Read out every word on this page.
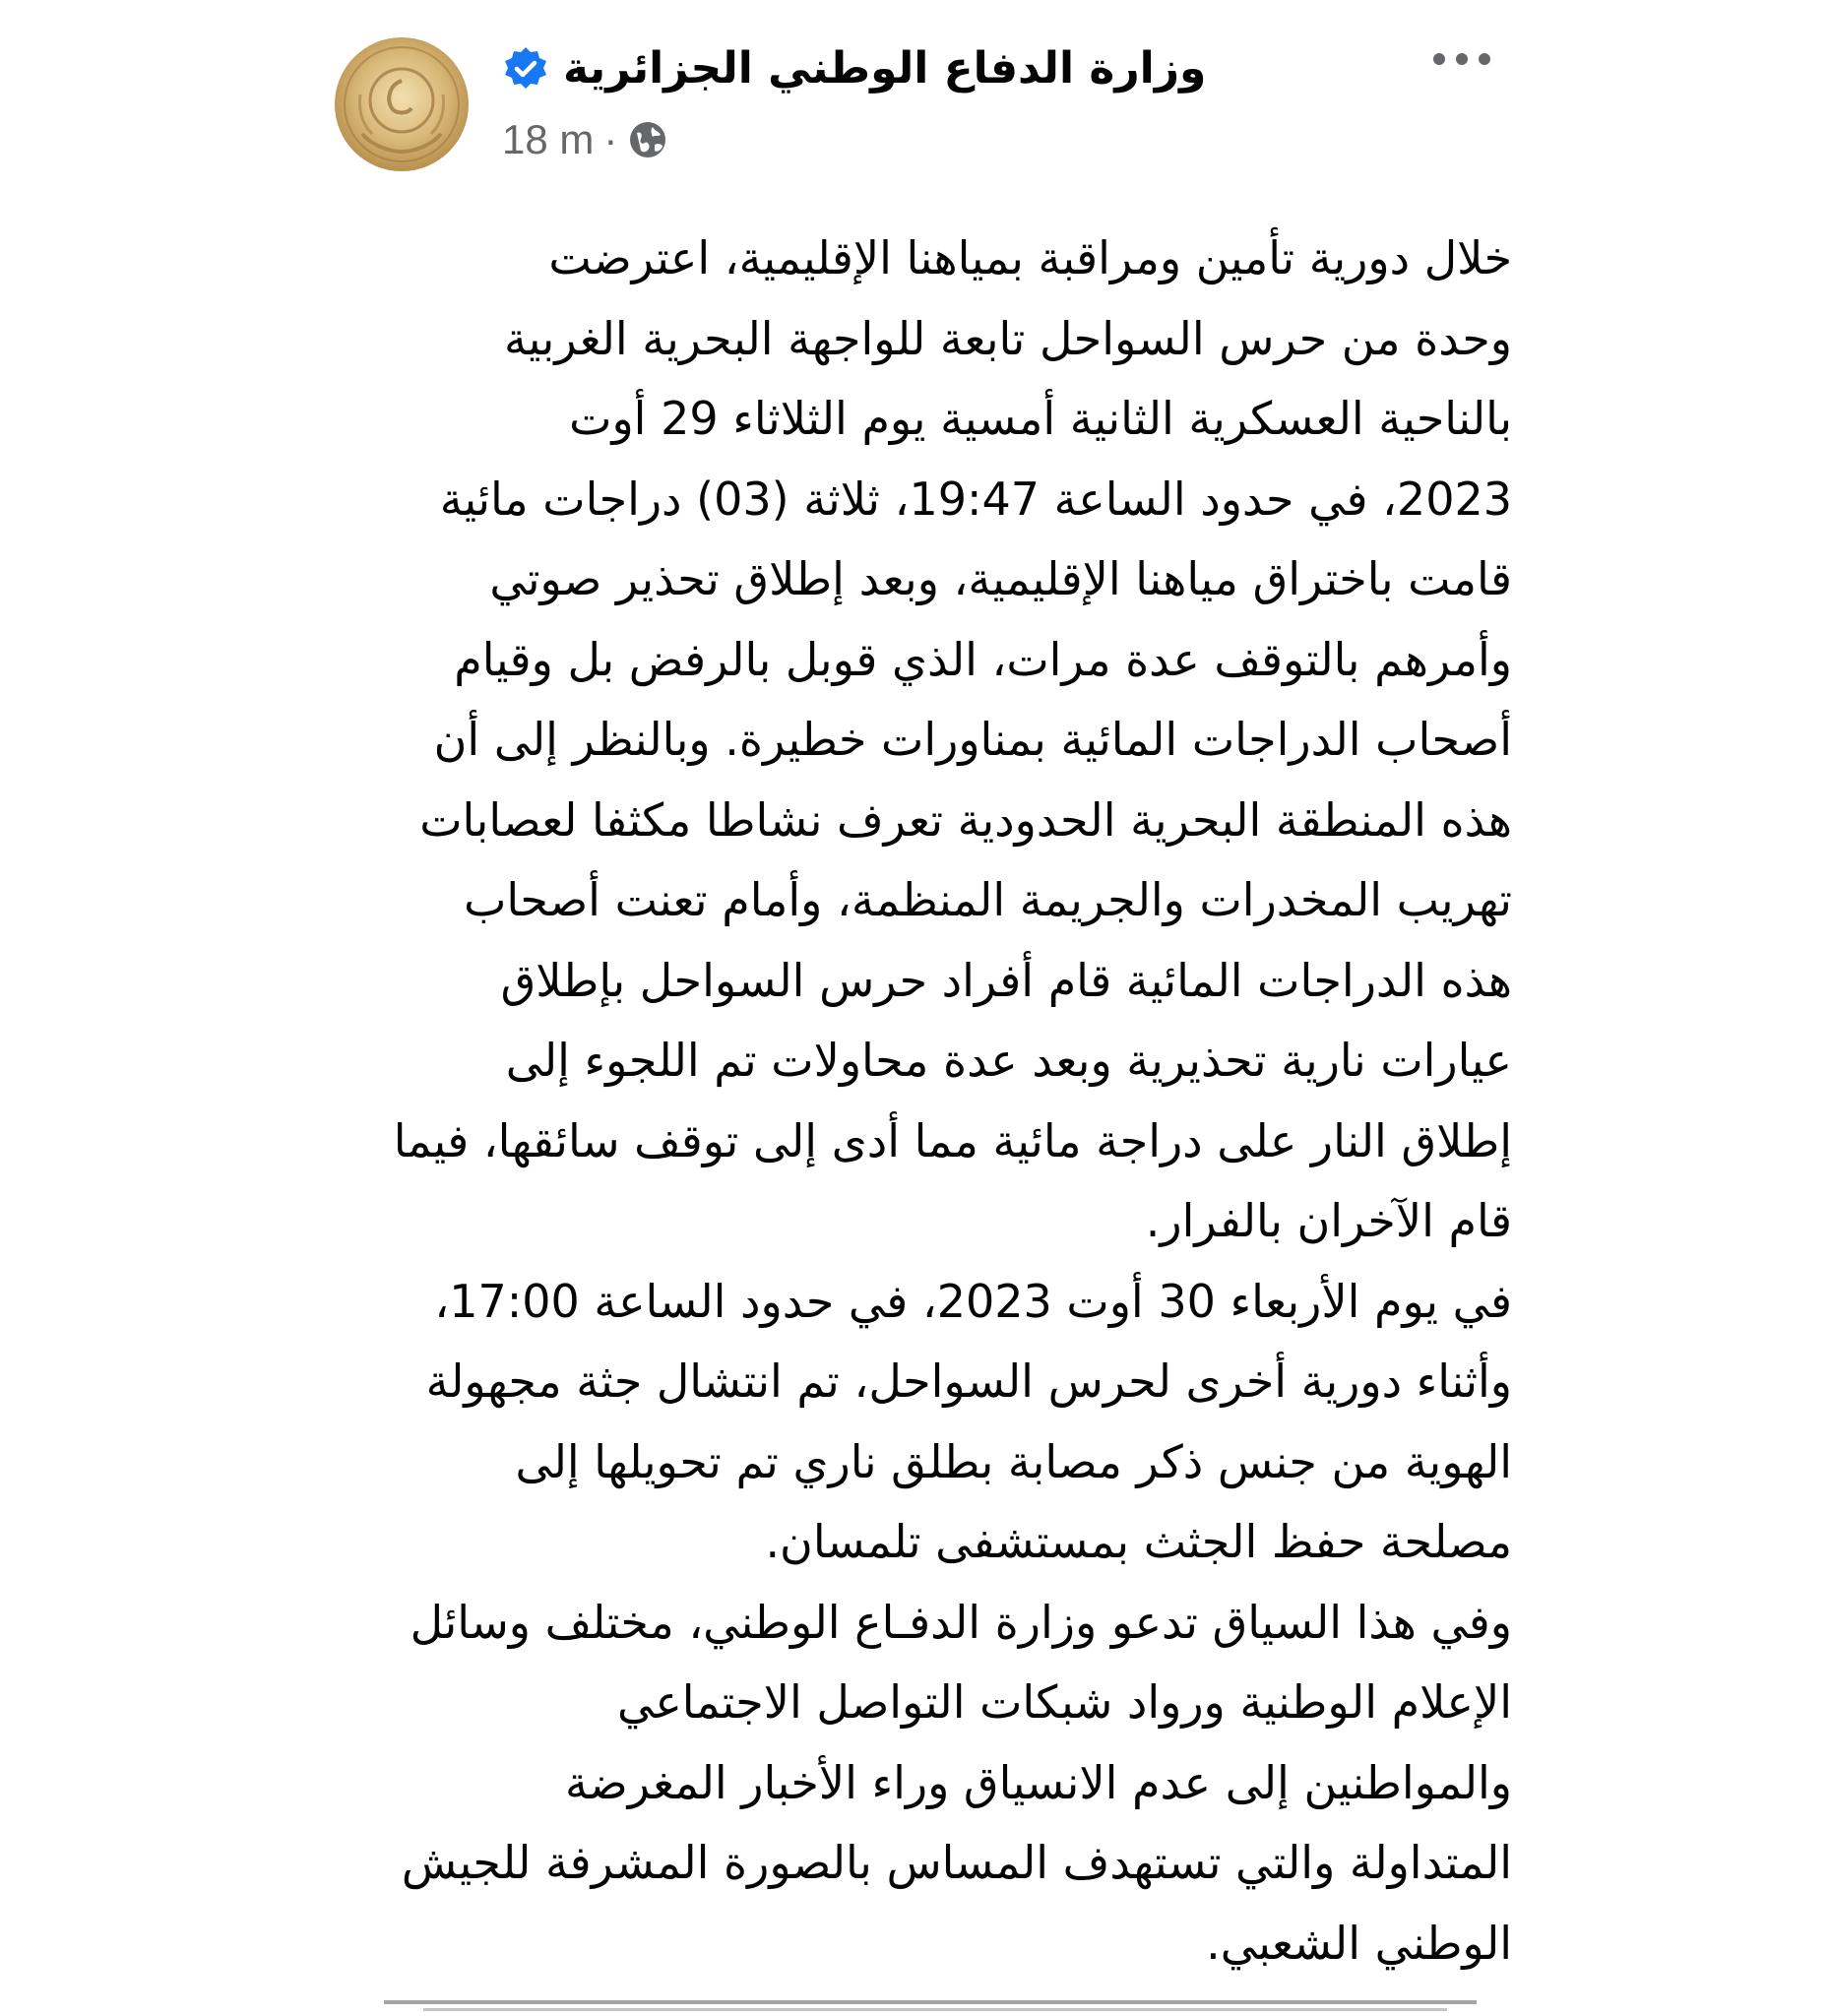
وزارة الدفاع الوطني الجزائرية
18 m ·
خلال دورية تأمين ومراقبة بمياهنا الإقليمية، اعترضت
وحدة من حرس السواحل تابعة للواجهة البحرية الغربية
بالناحية العسكرية الثانية أمسية يوم الثلاثاء 29 أوت
2023، في حدود الساعة 19:47، ثلاثة (03) دراجات مائية
قامت باختراق مياهنا الإقليمية، وبعد إطلاق تحذير صوتي
وأمرهم بالتوقف عدة مرات، الذي قوبل بالرفض بل وقيام
أصحاب الدراجات المائية بمناورات خطيرة. وبالنظر إلى أن
هذه المنطقة البحرية الحدودية تعرف نشاطا مكثفا لعصابات
تهريب المخدرات والجريمة المنظمة، وأمام تعنت أصحاب
هذه الدراجات المائية قام أفراد حرس السواحل بإطلاق
عيارات نارية تحذيرية وبعد عدة محاولات تم اللجوء إلى
إطلاق النار على دراجة مائية مما أدى إلى توقف سائقها، فيما
قام الآخران بالفرار.
في يوم الأربعاء 30 أوت 2023، في حدود الساعة 17:00،
وأثناء دورية أخرى لحرس السواحل، تم انتشال جثة مجهولة
الهوية من جنس ذكر مصابة بطلق ناري تم تحويلها إلى
مصلحة حفظ الجثث بمستشفى تلمسان.
وفي هذا السياق تدعو وزارة الدفـاع الوطني، مختلف وسائل
الإعلام الوطنية ورواد شبكات التواصل الاجتماعي
والمواطنين إلى عدم الانسياق وراء الأخبار المغرضة
المتداولة والتي تستهدف المساس بالصورة المشرفة للجيش
الوطني الشعبي.
